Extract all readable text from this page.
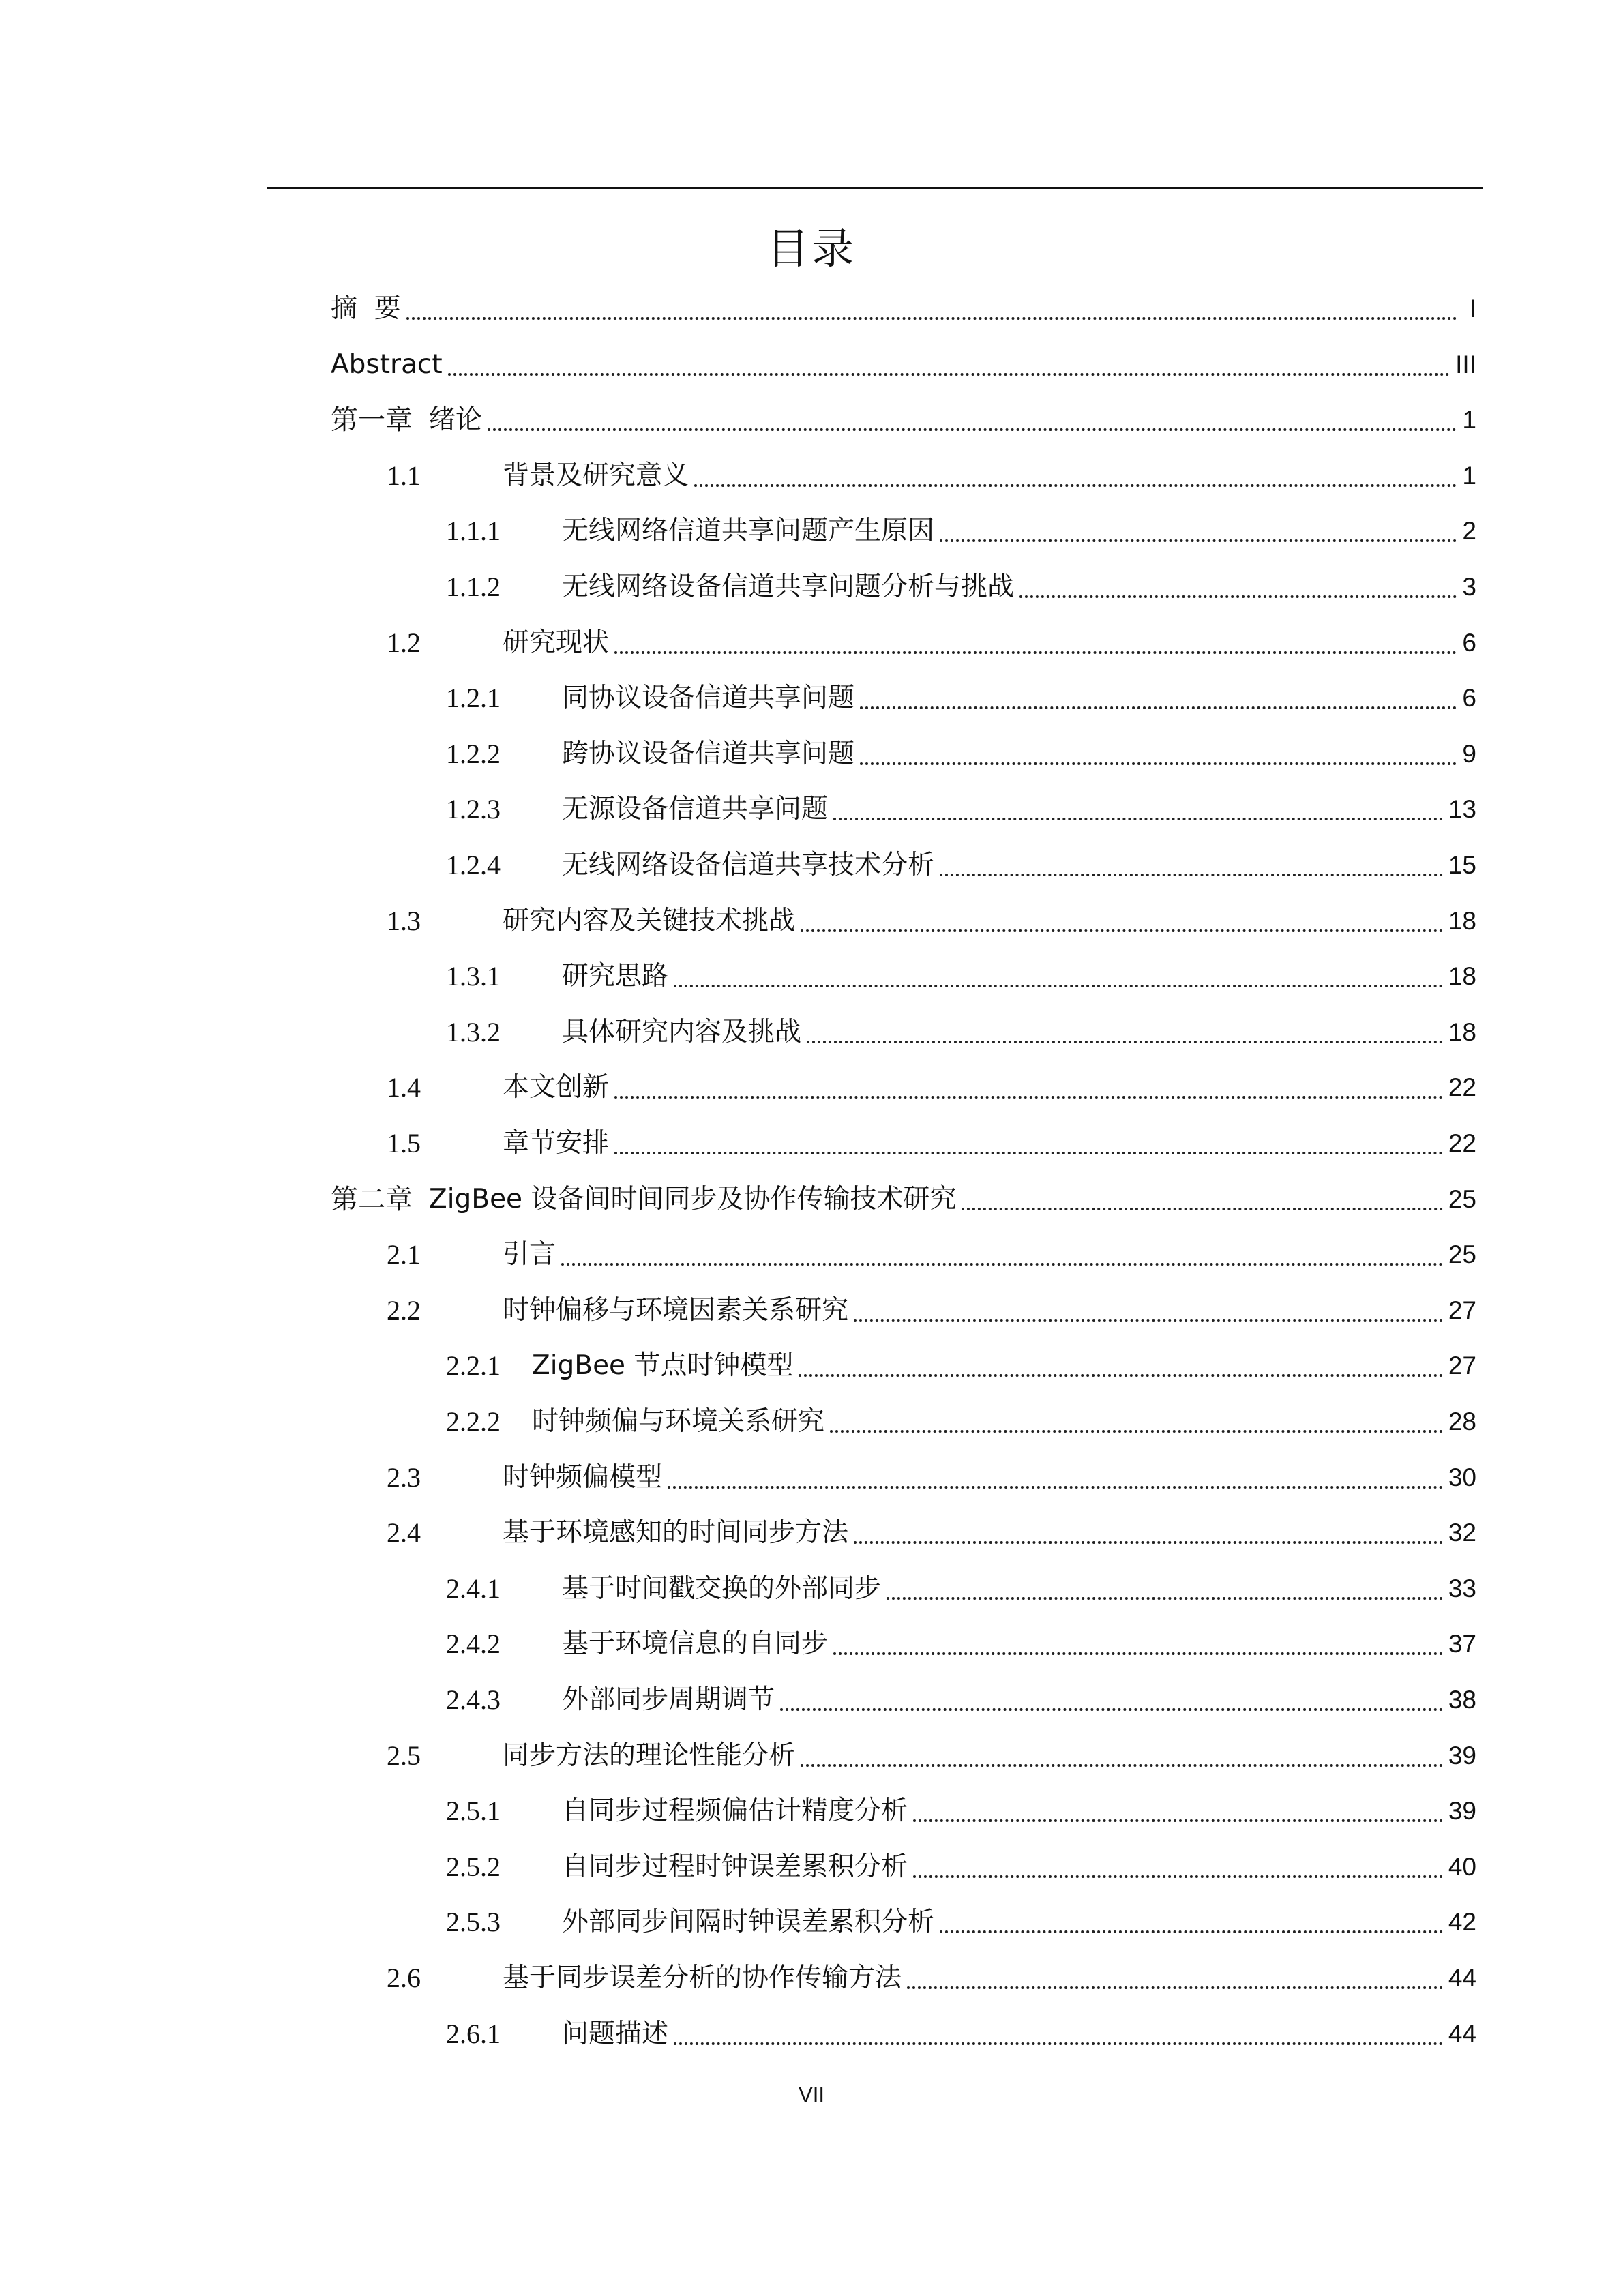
目录
摘  要	I
Abstract	III
第一章 绪论	1
1.1	背景及研究意义	1
1.1.1	无线网络信道共享问题产生原因	2
1.1.2	无线网络设备信道共享问题分析与挑战	3
1.2	研究现状	6
1.2.1	同协议设备信道共享问题	6
1.2.2	跨协议设备信道共享问题	9
1.2.3	无源设备信道共享问题	13
1.2.4	无线网络设备信道共享技术分析	15
1.3	研究内容及关键技术挑战	18
1.3.1	研究思路	18
1.3.2	具体研究内容及挑战	18
1.4	本文创新	22
1.5	章节安排	22
第二章 ZigBee 设备间时间同步及协作传输技术研究	25
2.1	引言	25
2.2	时钟偏移与环境因素关系研究	27
2.2.1	ZigBee 节点时钟模型	27
2.2.2	时钟频偏与环境关系研究	28
2.3	时钟频偏模型	30
2.4	基于环境感知的时间同步方法	32
2.4.1	基于时间戳交换的外部同步	33
2.4.2	基于环境信息的自同步	37
2.4.3	外部同步周期调节	38
2.5	同步方法的理论性能分析	39
2.5.1	自同步过程频偏估计精度分析	39
2.5.2	自同步过程时钟误差累积分析	40
2.5.3	外部同步间隔时钟误差累积分析	42
2.6	基于同步误差分析的协作传输方法	44
2.6.1	问题描述	44
VII
